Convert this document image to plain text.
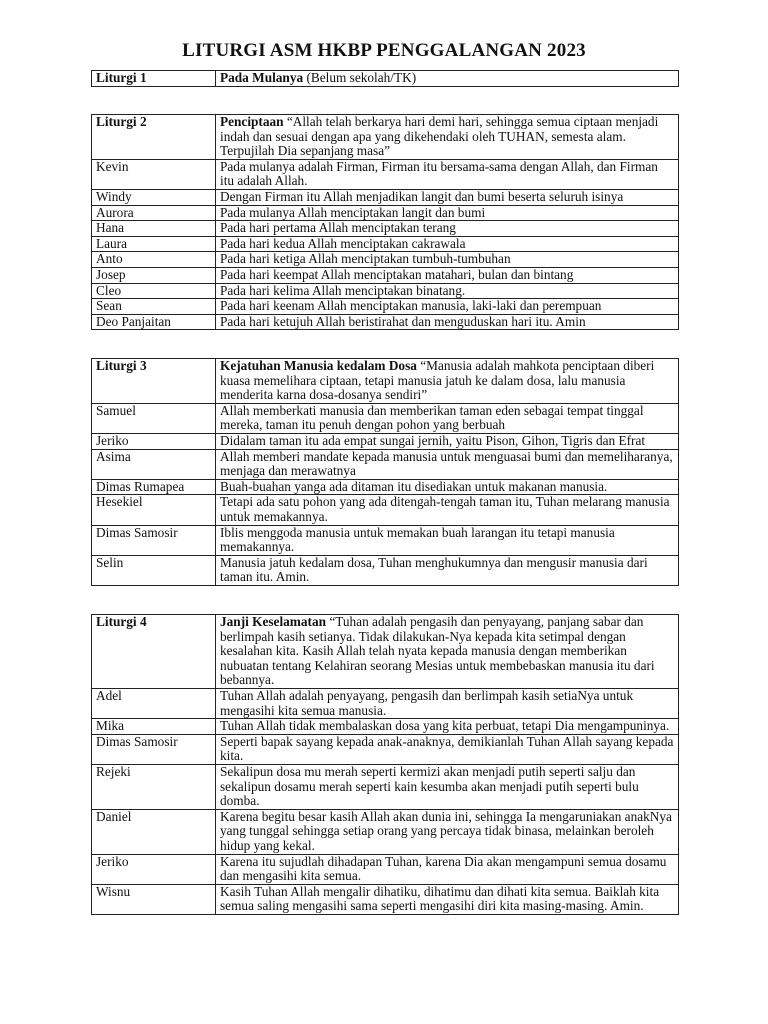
LITURGI ASM HKBP PENGGALANGAN 2023
Liturgi 1	Pada Mulanya (Belum sekolah/TK)
Liturgi 2	Penciptaan “Allah telah berkarya hari demi hari, sehingga semua ciptaan menjadi indah dan sesuai dengan apa yang dikehendaki oleh TUHAN, semesta alam. Terpujilah Dia sepanjang masa”
Kevin	Pada mulanya adalah Firman, Firman itu bersama-sama dengan Allah, dan Firman itu adalah Allah.
Windy	Dengan Firman itu Allah menjadikan langit dan bumi beserta seluruh isinya
Aurora	Pada mulanya Allah menciptakan langit dan bumi
Hana	Pada hari pertama Allah menciptakan terang
Laura	Pada hari kedua Allah menciptakan cakrawala
Anto	Pada hari ketiga Allah menciptakan tumbuh-tumbuhan
Josep	Pada hari keempat Allah menciptakan matahari, bulan dan bintang
Cleo	Pada hari kelima Allah menciptakan binatang.
Sean	Pada hari keenam Allah menciptakan manusia, laki-laki dan perempuan
Deo Panjaitan	Pada hari ketujuh Allah beristirahat dan menguduskan hari itu. Amin
Liturgi 3	Kejatuhan Manusia kedalam Dosa “Manusia adalah mahkota penciptaan diberi kuasa memelihara ciptaan, tetapi manusia jatuh ke dalam dosa, lalu manusia menderita karna dosa-dosanya sendiri”
Samuel	Allah memberkati manusia dan memberikan taman eden sebagai tempat tinggal mereka, taman itu penuh dengan pohon yang berbuah
Jeriko	Didalam taman itu ada empat sungai jernih, yaitu Pison, Gihon, Tigris dan Efrat
Asima	Allah memberi mandate kepada manusia untuk menguasai bumi dan memeliharanya, menjaga dan merawatnya
Dimas Rumapea	Buah-buahan yanga ada ditaman itu disediakan untuk makanan manusia.
Hesekiel	Tetapi ada satu pohon yang ada ditengah-tengah taman itu, Tuhan melarang manusia untuk memakannya.
Dimas Samosir	Iblis menggoda manusia untuk memakan buah larangan itu tetapi manusia memakannya.
Selin	Manusia jatuh kedalam dosa, Tuhan menghukumnya dan mengusir manusia dari taman itu. Amin.
Liturgi 4	Janji Keselamatan “Tuhan adalah pengasih dan penyayang, panjang sabar dan berlimpah kasih setianya. Tidak dilakukan-Nya kepada kita setimpal dengan kesalahan kita. Kasih Allah telah nyata kepada manusia dengan memberikan nubuatan tentang Kelahiran seorang Mesias untuk membebaskan manusia itu dari bebannya.
Adel	Tuhan Allah adalah penyayang, pengasih dan berlimpah kasih setiaNya untuk mengasihi kita semua manusia.
Mika	Tuhan Allah tidak membalaskan dosa yang kita perbuat, tetapi Dia mengampuninya.
Dimas Samosir	Seperti bapak sayang kepada anak-anaknya, demikianlah Tuhan Allah sayang kepada kita.
Rejeki	Sekalipun dosa mu merah seperti kermizi akan menjadi putih seperti salju dan sekalipun dosamu merah seperti kain kesumba akan menjadi putih seperti bulu domba.
Daniel	Karena begitu besar kasih Allah akan dunia ini, sehingga Ia mengaruniakan anakNya yang tunggal sehingga setiap orang yang percaya tidak binasa, melainkan beroleh hidup yang kekal.
Jeriko	Karena itu sujudlah dihadapan Tuhan, karena Dia akan mengampuni semua dosamu dan mengasihi kita semua.
Wisnu	Kasih Tuhan Allah mengalir dihatiku, dihatimu dan dihati kita semua. Baiklah kita semua saling mengasihi sama seperti mengasihi diri kita masing-masing. Amin.
